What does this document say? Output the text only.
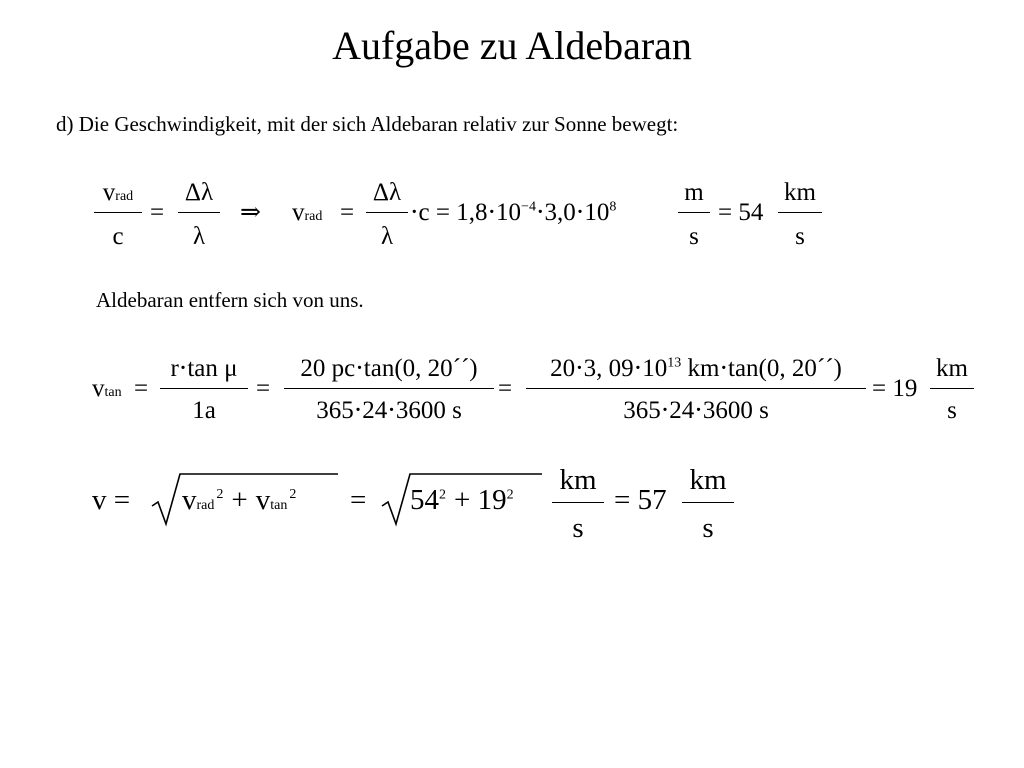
Aufgabe zu Aldebaran
d) Die Geschwindigkeit, mit der sich Aldebaran relativ zur Sonne bewegt:
vrad
c
=
Δλ
λ
⇒ vrad =
Δλ
λ
$\cdot c = 1,8\cdot 10^{-4}\cdot 3,0\cdot 10^8$
m
s
= 54
km
s
Aldebaran entfern sich von uns.
vtan =
r⋅tan μ
1a
=
20 pc⋅tan(0, 20´´)
365⋅24⋅3600 s
=
20⋅3, $09\cdot 10^{13}$ km⋅tan(0, 20´´)
365⋅24⋅3600 s
= 19
km
s
v = vrad$^2$ + $vtan^2 = 54^2 + 19^2$ km
s
= 57
km
s
